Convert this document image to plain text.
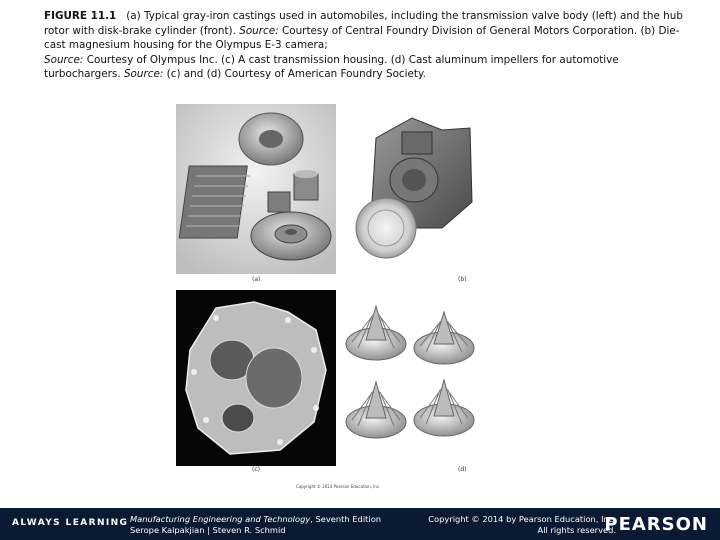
FIGURE 11.1 (a) Typical gray-iron castings used in automobiles, including the transmission valve body (left) and the hub rotor with disk-brake cylinder (front). Source: Courtesy of Central Foundry Division of General Motors Corporation. (b) Die-cast magnesium housing for the Olympus E-3 camera;
Source: Courtesy of Olympus Inc. (c) A cast transmission housing. (d) Cast aluminum impellers for automotive turbochargers. Source: (c) and (d) Courtesy of American Foundry Society.
(a)	(b)
(c)	(d)
Copyright © 2014 Pearson Education, Inc.
ALWAYS LEARNING Manufacturing Engineering and Technology, Seventh Edition
Serope Kalpakjian | Steven R. Schmid
Copyright © 2014 by Pearson Education, Inc.
All rights reserved.
PEARSON
